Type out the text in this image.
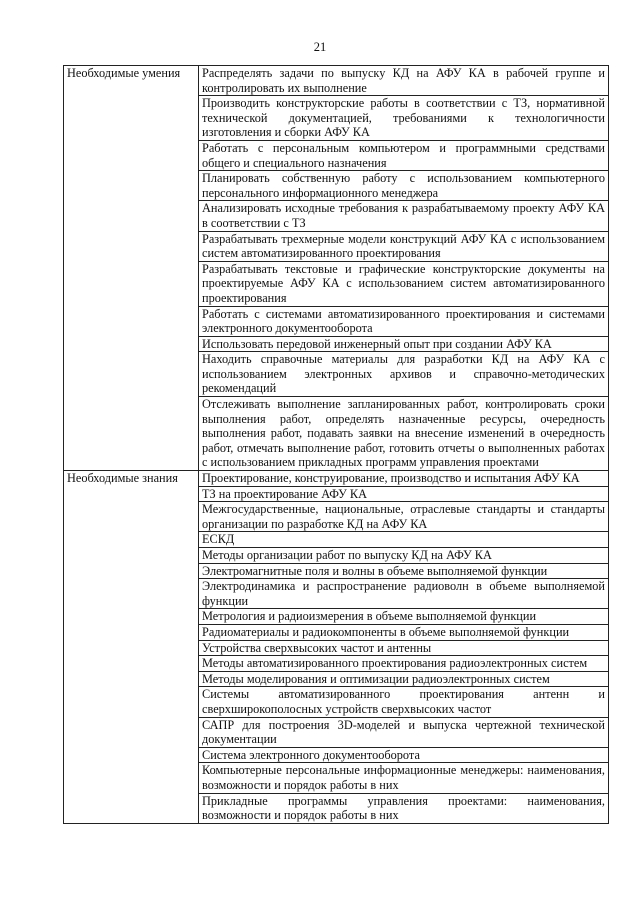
21
Необходимые умения	Распределять задачи по выпуску КД на АФУ КА в рабочей группе и контролировать их выполнение
	Производить конструкторские работы в соответствии с ТЗ, нормативной технической документацией, требованиями к технологичности изготовления и сборки АФУ КА
	Работать с персональным компьютером и программными средствами общего и специального назначения
	Планировать собственную работу с использованием компьютерного персонального информационного менеджера
	Анализировать исходные требования к разрабатываемому проекту АФУ КА в соответствии с ТЗ
	Разрабатывать трехмерные модели конструкций АФУ КА с использованием систем автоматизированного проектирования
	Разрабатывать текстовые и графические конструкторские документы на проектируемые АФУ КА с использованием систем автоматизированного проектирования
	Работать с системами автоматизированного проектирования и системами электронного документооборота
	Использовать передовой инженерный опыт при создании АФУ КА
	Находить справочные материалы для разработки КД на АФУ КА с использованием электронных архивов и справочно-методических рекомендаций
	Отслеживать выполнение запланированных работ, контролировать сроки выполнения работ, определять назначенные ресурсы, очередность выполнения работ, подавать заявки на внесение изменений в очередность работ, отмечать выполнение работ, готовить отчеты о выполненных работах с использованием прикладных программ управления проектами
Необходимые знания	Проектирование, конструирование, производство и испытания АФУ КА
	ТЗ на проектирование АФУ КА
	Межгосударственные, национальные, отраслевые стандарты и стандарты организации по разработке КД на АФУ КА
	ЕСКД
	Методы организации работ по выпуску КД на АФУ КА
	Электромагнитные поля и волны в объеме выполняемой функции
	Электродинамика и распространение радиоволн в объеме выполняемой функции
	Метрология и радиоизмерения в объеме выполняемой функции
	Радиоматериалы и радиокомпоненты в объеме выполняемой функции
	Устройства сверхвысоких частот и антенны
	Методы автоматизированного проектирования радиоэлектронных систем
	Методы моделирования и оптимизации радиоэлектронных систем
	Системы автоматизированного проектирования антенн и сверхширокополосных устройств сверхвысоких частот
	САПР для построения 3D-моделей и выпуска чертежной технической документации
	Система электронного документооборота
	Компьютерные персональные информационные менеджеры: наименования, возможности и порядок работы в них
	Прикладные программы управления проектами: наименования, возможности и порядок работы в них
